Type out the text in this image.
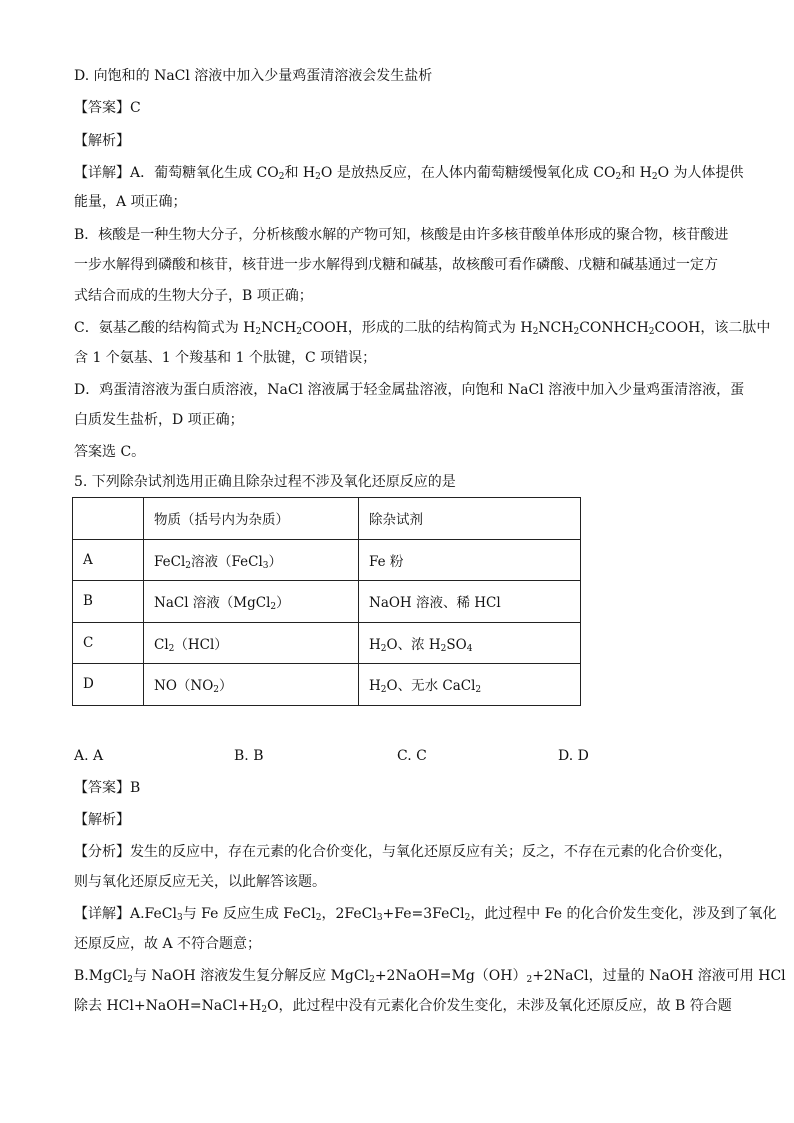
D. 向饱和的 NaCl 溶液中加入少量鸡蛋清溶液会发生盐析
【答案】C
【解析】
【详解】A．葡萄糖氧化生成 $CO_2$和 $H_2O$ 是放热反应，在人体内葡萄糖缓慢氧化成 $CO_2$和 $H_2O$ 为人体提供
能量，A 项正确；
B．核酸是一种生物大分子，分析核酸水解的产物可知，核酸是由许多核苷酸单体形成的聚合物，核苷酸进
一步水解得到磷酸和核苷，核苷进一步水解得到戊糖和碱基，故核酸可看作磷酸、戊糖和碱基通过一定方
式结合而成的生物大分子，B 项正确；
C．氨基乙酸的结构简式为 $H_2NCH_2COOH$，形成的二肽的结构简式为 $H_2NCH_2CONHCH_2COOH$，该二肽中
含 1 个氨基、1 个羧基和 1 个肽键，C 项错误；
D．鸡蛋清溶液为蛋白质溶液，NaCl 溶液属于轻金属盐溶液，向饱和 NaCl 溶液中加入少量鸡蛋清溶液，蛋
白质发生盐析，D 项正确；
答案选 C。
5. 下列除杂试剂选用正确且除杂过程不涉及氧化还原反应的是
	物质（括号内为杂质）	除杂试剂
A	FeCl$_2$溶液（FeCl$_3$）	Fe 粉
B	NaCl 溶液（MgCl$_2$）	NaOH 溶液、稀 HCl
C	$Cl_2(HCl)$	$H_2O$、浓 $H_2SO_4$
D	$NO(NO_2)$	$H_2O$、无水 CaCl$_2$
A. A	B. B	C. C	D. D
【答案】B
【解析】
【分析】发生的反应中，存在元素的化合价变化，与氧化还原反应有关；反之，不存在元素的化合价变化，
则与氧化还原反应无关，以此解答该题。
【详解】A.FeCl$_3$与 Fe 反应生成 FeCl$_2$，2FeCl$_3$+Fe=3FeCl$_2$，此过程中 Fe 的化合价发生变化，涉及到了氧化
还原反应，故 A 不符合题意；
B.MgCl$_2$与 NaOH 溶液发生复分解反应 $MgCl_2+2NaOH=Mg(OH)_2+2NaCl$，过量的 NaOH 溶液可用 HCl
除去 $HCl+NaOH=NaCl+H_2O$，此过程中没有元素化合价发生变化，未涉及氧化还原反应，故 B 符合题
